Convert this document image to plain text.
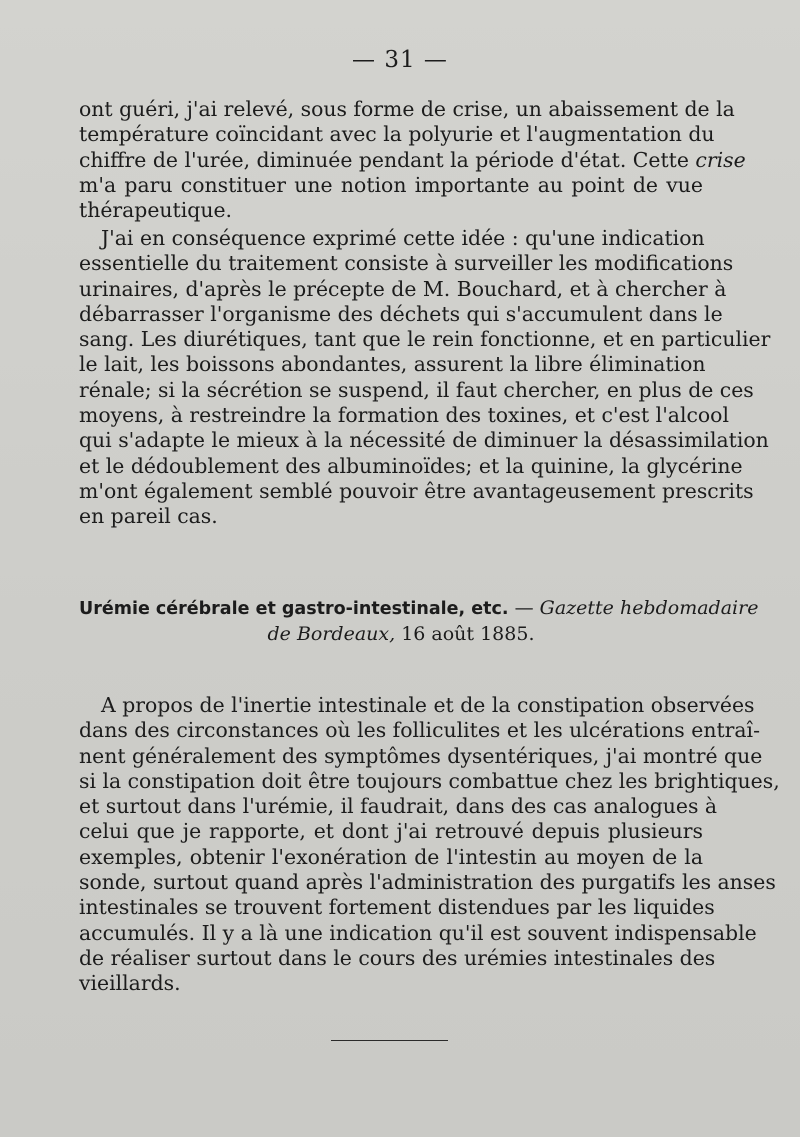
— 31 —
ont guéri, j'ai relevé, sous forme de crise, un abaissement de la
température coïncidant avec la polyurie et l'augmentation du
chiffre de l'urée, diminuée pendant la période d'état. Cette crise
m'a paru constituer une notion importante au point de vue
thérapeutique.
J'ai en conséquence exprimé cette idée : qu'une indication
essentielle du traitement consiste à surveiller les modifications
urinaires, d'après le précepte de M. Bouchard, et à chercher à
débarrasser l'organisme des déchets qui s'accumulent dans le
sang. Les diurétiques, tant que le rein fonctionne, et en particulier
le lait, les boissons abondantes, assurent la libre élimination
rénale; si la sécrétion se suspend, il faut chercher, en plus de ces
moyens, à restreindre la formation des toxines, et c'est l'alcool
qui s'adapte le mieux à la nécessité de diminuer la désassimilation
et le dédoublement des albuminoïdes; et la quinine, la glycérine
m'ont également semblé pouvoir être avantageusement prescrits
en pareil cas.
Urémie cérébrale et gastro-intestinale, etc. — Gazette hebdomadaire
de Bordeaux, 16 août 1885.
A propos de l'inertie intestinale et de la constipation observées
dans des circonstances où les folliculites et les ulcérations entraî-
nent généralement des symptômes dysentériques, j'ai montré que
si la constipation doit être toujours combattue chez les brightiques,
et surtout dans l'urémie, il faudrait, dans des cas analogues à
celui que je rapporte, et dont j'ai retrouvé depuis plusieurs
exemples, obtenir l'exonération de l'intestin au moyen de la
sonde, surtout quand après l'administration des purgatifs les anses
intestinales se trouvent fortement distendues par les liquides
accumulés. Il y a là une indication qu'il est souvent indispensable
de réaliser surtout dans le cours des urémies intestinales des
vieillards.
